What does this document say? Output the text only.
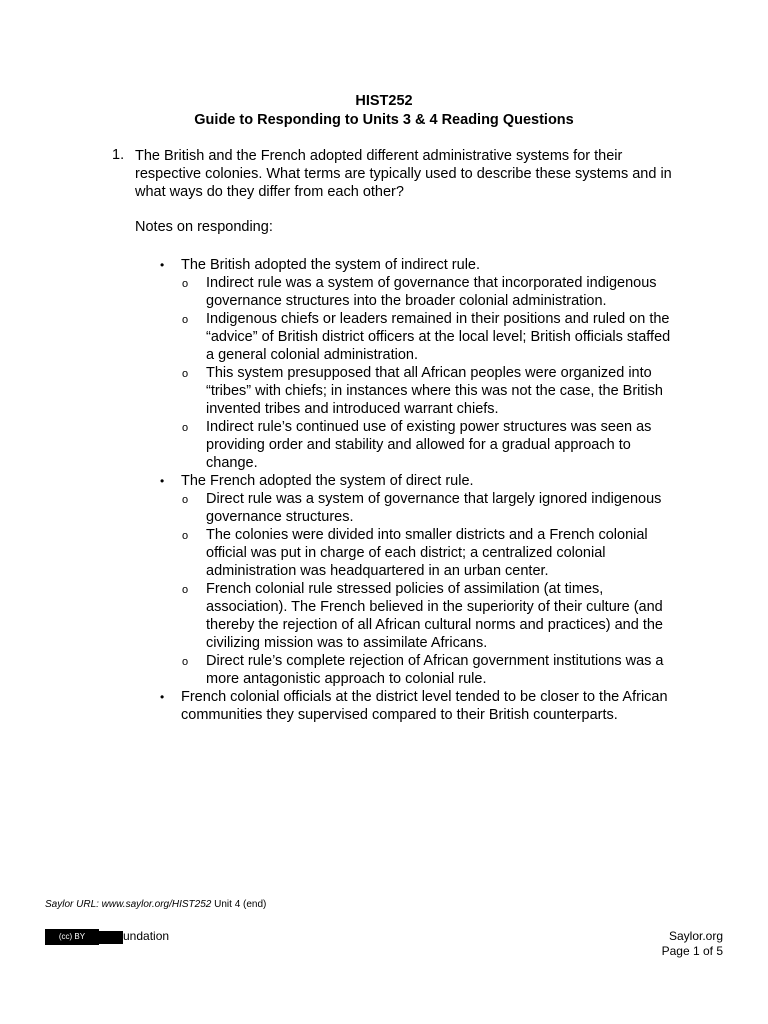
HIST252
Guide to Responding to Units 3 & 4 Reading Questions
1. The British and the French adopted different administrative systems for their respective colonies. What terms are typically used to describe these systems and in what ways do they differ from each other?
Notes on responding:
• The British adopted the system of indirect rule.
o Indirect rule was a system of governance that incorporated indigenous governance structures into the broader colonial administration.
o Indigenous chiefs or leaders remained in their positions and ruled on the “advice” of British district officers at the local level; British officials staffed a general colonial administration.
o This system presupposed that all African peoples were organized into “tribes” with chiefs; in instances where this was not the case, the British invented tribes and introduced warrant chiefs.
o Indirect rule’s continued use of existing power structures was seen as providing order and stability and allowed for a gradual approach to change.
• The French adopted the system of direct rule.
o Direct rule was a system of governance that largely ignored indigenous governance structures.
o The colonies were divided into smaller districts and a French colonial official was put in charge of each district; a centralized colonial administration was headquartered in an urban center.
o French colonial rule stressed policies of assimilation (at times, association). The French believed in the superiority of their culture (and thereby the rejection of all African cultural norms and practices) and the civilizing mission was to assimilate Africans.
o Direct rule’s complete rejection of African government institutions was a more antagonistic approach to colonial rule.
• French colonial officials at the district level tended to be closer to the African communities they supervised compared to their British counterparts.
Saylor URL: www.saylor.org/HIST252 Unit 4 (end)
(cc) BY	undation	Saylor.org
Page 1 of 5
